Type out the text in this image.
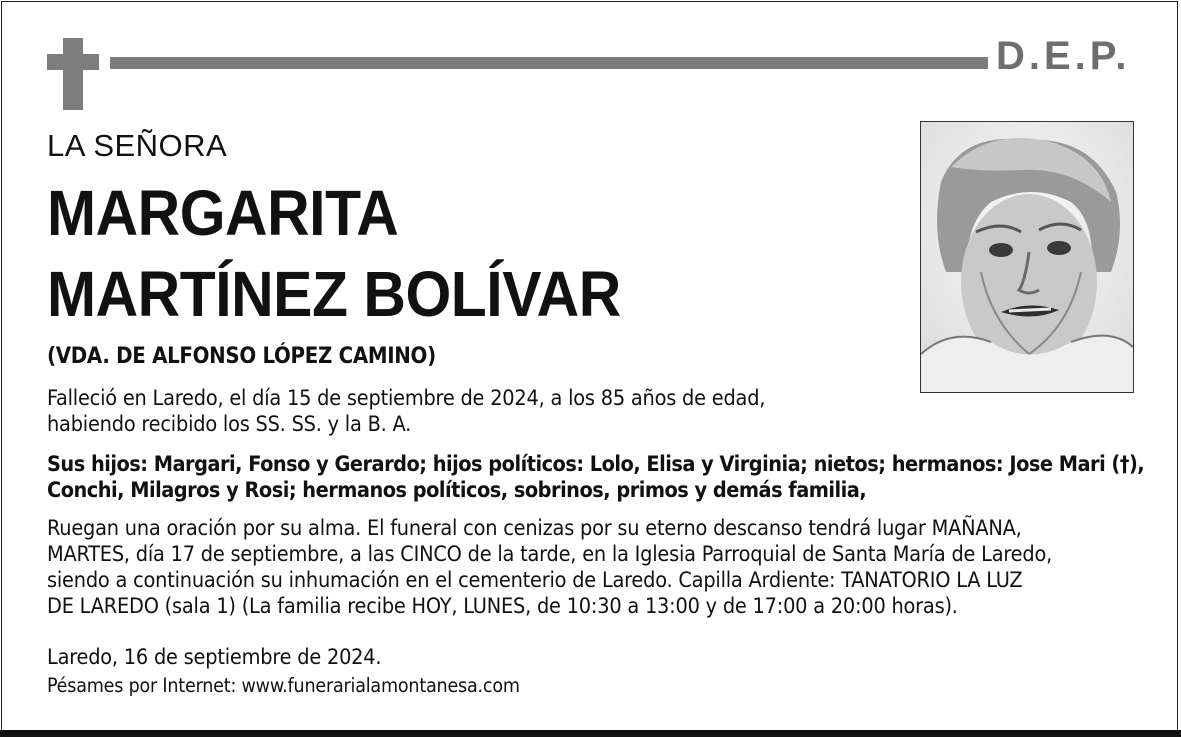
D.E.P.
LA SEÑORA
MARGARITA
MARTÍNEZ BOLÍVAR
(VDA. DE ALFONSO LÓPEZ CAMINO)
Falleció en Laredo, el día 15 de septiembre de 2024, a los 85 años de edad,
habiendo recibido los SS. SS. y la B. A.
Sus hijos: Margari, Fonso y Gerardo; hijos políticos: Lolo, Elisa y Virginia; nietos; hermanos: Jose Mari (†),
Conchi, Milagros y Rosi; hermanos políticos, sobrinos, primos y demás familia,
Ruegan una oración por su alma. El funeral con cenizas por su eterno descanso tendrá lugar MAÑANA,
MARTES, día 17 de septiembre, a las CINCO de la tarde, en la Iglesia Parroquial de Santa María de Laredo,
siendo a continuación su inhumación en el cementerio de Laredo. Capilla Ardiente: TANATORIO LA LUZ
DE LAREDO (sala 1) (La familia recibe HOY, LUNES, de 10:30 a 13:00 y de 17:00 a 20:00 horas).
Laredo, 16 de septiembre de 2024.
Pésames por Internet: www.funerarialamontanesa.com
